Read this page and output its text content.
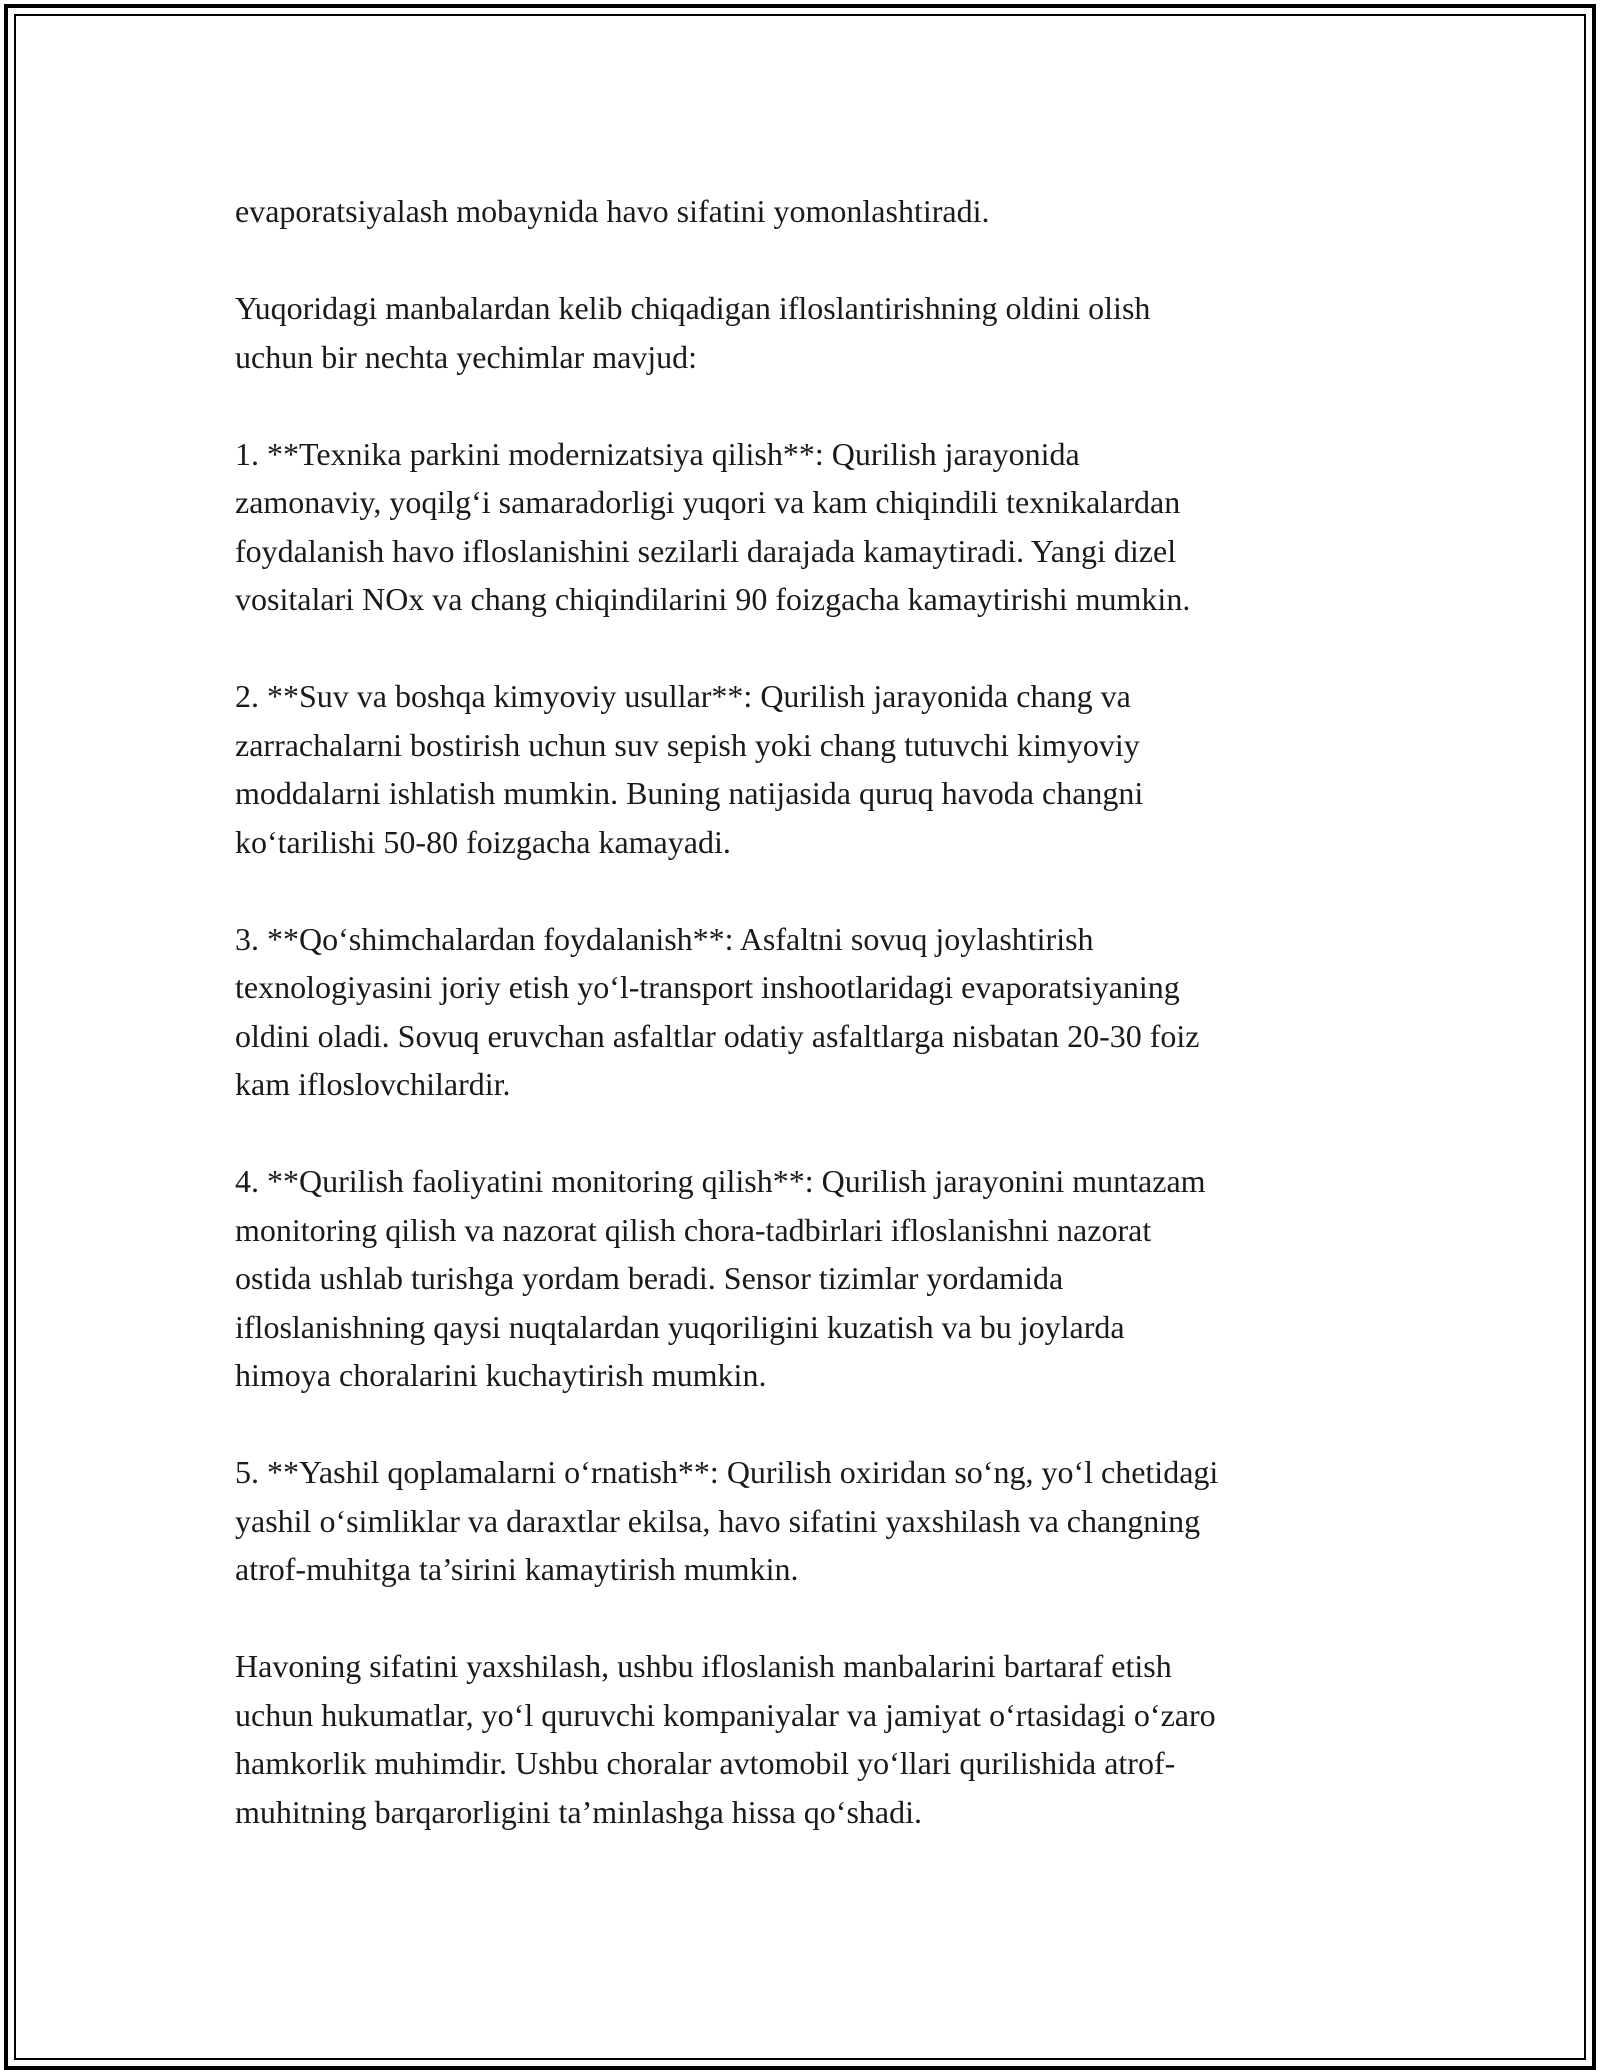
evaporatsiyalash mobaynida havo sifatini yomonlashtiradi.

Yuqoridagi manbalardan kelib chiqadigan ifloslantirishning oldini olish
uchun bir nechta yechimlar mavjud:

1. **Texnika parkini modernizatsiya qilish**: Qurilish jarayonida
zamonaviy, yoqilg‘i samaradorligi yuqori va kam chiqindili texnikalardan
foydalanish havo ifloslanishini sezilarli darajada kamaytiradi. Yangi dizel
vositalari NOx va chang chiqindilarini 90 foizgacha kamaytirishi mumkin.

2. **Suv va boshqa kimyoviy usullar**: Qurilish jarayonida chang va
zarrachalarni bostirish uchun suv sepish yoki chang tutuvchi kimyoviy
moddalarni ishlatish mumkin. Buning natijasida quruq havoda changni
ko‘tarilishi 50-80 foizgacha kamayadi.

3. **Qo‘shimchalardan foydalanish**: Asfaltni sovuq joylashtirish
texnologiyasini joriy etish yo‘l-transport inshootlaridagi evaporatsiyaning
oldini oladi. Sovuq eruvchan asfaltlar odatiy asfaltlarga nisbatan 20-30 foiz
kam ifloslovchilardir.

4. **Qurilish faoliyatini monitoring qilish**: Qurilish jarayonini muntazam
monitoring qilish va nazorat qilish chora-tadbirlari ifloslanishni nazorat
ostida ushlab turishga yordam beradi. Sensor tizimlar yordamida
ifloslanishning qaysi nuqtalardan yuqoriligini kuzatish va bu joylarda
himoya choralarini kuchaytirish mumkin.

5. **Yashil qoplamalarni o‘rnatish**: Qurilish oxiridan so‘ng, yo‘l chetidagi
yashil o‘simliklar va daraxtlar ekilsa, havo sifatini yaxshilash va changning
atrof-muhitga ta’sirini kamaytirish mumkin.

Havoning sifatini yaxshilash, ushbu ifloslanish manbalarini bartaraf etish
uchun hukumatlar, yo‘l quruvchi kompaniyalar va jamiyat o‘rtasidagi o‘zaro
hamkorlik muhimdir. Ushbu choralar avtomobil yo‘llari qurilishida atrof-
muhitning barqarorligini ta’minlashga hissa qo‘shadi.
